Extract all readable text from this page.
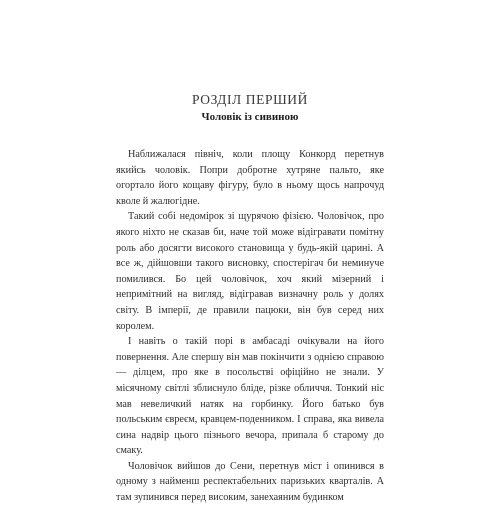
РОЗДІЛ ПЕРШИЙ
Чоловік із сивиною

Наближалася північ, коли площу Конкорд перетнув якийсь чоловік. Попри добротне хутряне пальто, яке огортало його кощаву фігуру, було в ньому щось напрочуд кволе й жалюгідне.

Такий собі недомірок зі щурячою фізією. Чоловічок, про якого ніхто не сказав би, наче той може відігравати помітну роль або досягти високого становища у будь-якій царині. А все ж, дійшовши такого висновку, спостерігач би неминуче помилився. Бо цей чоловічок, хоч який мізерний і непримітний на вигляд, відігравав визначну роль у долях світу. В імперії, де правили пацюки, він був серед них королем.

І навіть о такій порі в амбасаді очікували на його повернення. Але спершу він мав покінчити з однією справою — ділцем, про яке в посольстві офіційно не знали. У місячному світлі зблиснуло бліде, різке обличчя. Тонкий ніс мав невеличкий натяк на горбинку. Його батько був польським євреєм, кравцем-поденником. І справа, яка вивела сина надвір цього пізнього вечора, припала б старому до смаку.

Чоловічок вийшов до Сени, перетнув міст і опинився в одному з найменш респектабельних паризьких кварталів. А там зупинився перед високим, занехаяним будинком
